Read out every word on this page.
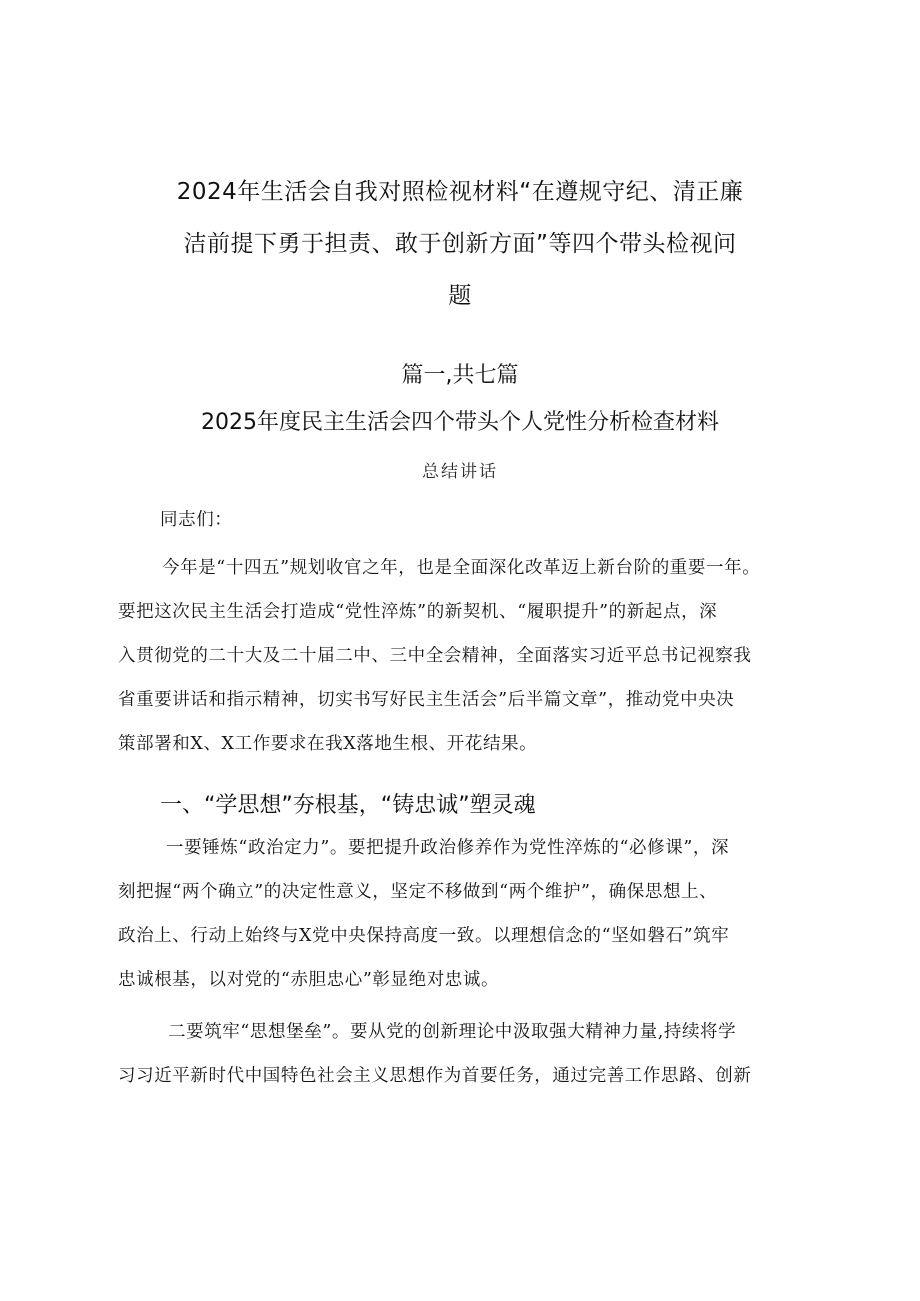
2024年生活会自我对照检视材料“在遵规守纪、清正廉
洁前提下勇于担责、敢于创新方面”等四个带头检视问
题
篇一,共七篇
2025年度民主生活会四个带头个人党性分析检查材料
总结讲话
同志们：
今年是“十四五”规划收官之年，也是全面深化改革迈上新台阶的重要一年。
要把这次民主生活会打造成“党性淬炼”的新契机、“履职提升”的新起点，深
入贯彻党的二十大及二十届二中、三中全会精神，全面落实习近平总书记视察我
省重要讲话和指示精神，切实书写好民主生活会”后半篇文章”，推动党中央决
策部署和X、X工作要求在我X落地生根、开花结果。
一、“学思想”夯根基，“铸忠诚”塑灵魂
一要锤炼“政治定力”。要把提升政治修养作为党性淬炼的“必修课”，深
刻把握“两个确立”的决定性意义，坚定不移做到“两个维护”，确保思想上、
政治上、行动上始终与X党中央保持高度一致。以理想信念的“坚如磐石”筑牢
忠诚根基，以对党的“赤胆忠心”彰显绝对忠诚。
二要筑牢“思想堡垒”。要从党的创新理论中汲取强大精神力量,持续将学
习习近平新时代中国特色社会主义思想作为首要任务，通过完善工作思路、创新
